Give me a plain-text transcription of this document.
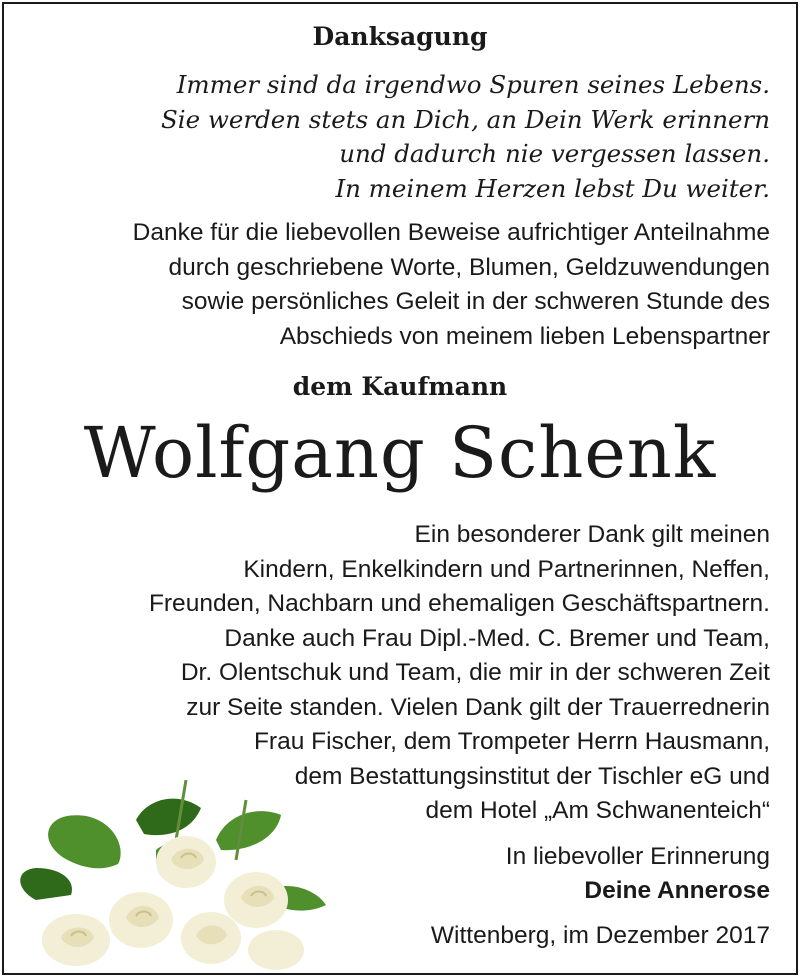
Danksagung
Immer sind da irgendwo Spuren seines Lebens.
Sie werden stets an Dich, an Dein Werk erinnern
und dadurch nie vergessen lassen.
In meinem Herzen lebst Du weiter.
Danke für die liebevollen Beweise aufrichtiger Anteilnahme
durch geschriebene Worte, Blumen, Geldzuwendungen
sowie persönliches Geleit in der schweren Stunde des
Abschieds von meinem lieben Lebenspartner
dem Kaufmann
Wolfgang Schenk
Ein besonderer Dank gilt meinen
Kindern, Enkelkindern und Partnerinnen, Neffen,
Freunden, Nachbarn und ehemaligen Geschäftspartnern.
Danke auch Frau Dipl.-Med. C. Bremer und Team,
Dr. Olentschuk und Team, die mir in der schweren Zeit
zur Seite standen. Vielen Dank gilt der Trauerrednerin
Frau Fischer, dem Trompeter Herrn Hausmann,
dem Bestattungsinstitut der Tischler eG und
dem Hotel „Am Schwanenteich“
In liebevoller Erinnerung
Deine Annerose
Wittenberg, im Dezember 2017
